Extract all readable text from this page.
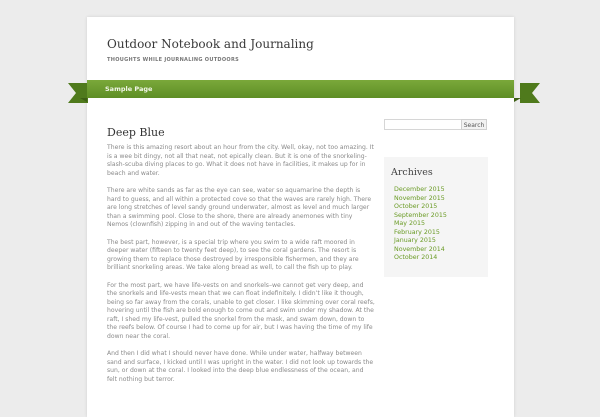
Outdoor Notebook and Journaling
THOUGHTS WHILE JOURNALING OUTDOORS
Sample Page
Deep Blue

There is this amazing resort about an hour from the city. Well, okay, not too amazing. It is a wee bit dingy, not all that neat, not epically clean. But it is one of the snorkeling-slash-scuba diving places to go. What it does not have in facilities, it makes up for in beach and water.

There are white sands as far as the eye can see, water so aquamarine the depth is hard to guess, and all within a protected cove so that the waves are rarely high. There are long stretches of level sandy ground underwater, almost as level and much larger than a swimming pool. Close to the shore, there are already anemones with tiny Nemos (clownfish) zipping in and out of the waving tentacles.

The best part, however, is a special trip where you swim to a wide raft moored in deeper water (fifteen to twenty feet deep), to see the coral gardens. The resort is growing them to replace those destroyed by irresponsible fishermen, and they are brilliant snorkeling areas. We take along bread as well, to call the fish up to play.

For the most part, we have life-vests on and snorkels–we cannot get very deep, and the snorkels and life-vests mean that we can float indefinitely. I didn’t like it though, being so far away from the corals, unable to get closer. I like skimming over coral reefs, hovering until the fish are bold enough to come out and swim under my shadow. At the raft, I shed my life-vest, pulled the snorkel from the mask, and swam down, down to the reefs below. Of course I had to come up for air, but I was having the time of my life down near the coral.

And then I did what I should never have done. While under water, halfway between sand and surface, I kicked until I was upright in the water. I did not look up towards the sun, or down at the coral. I looked into the deep blue endlessness of the ocean, and felt nothing but terror.

Search
Archives
December 2015
November 2015
October 2015
September 2015
May 2015
February 2015
January 2015
November 2014
October 2014
